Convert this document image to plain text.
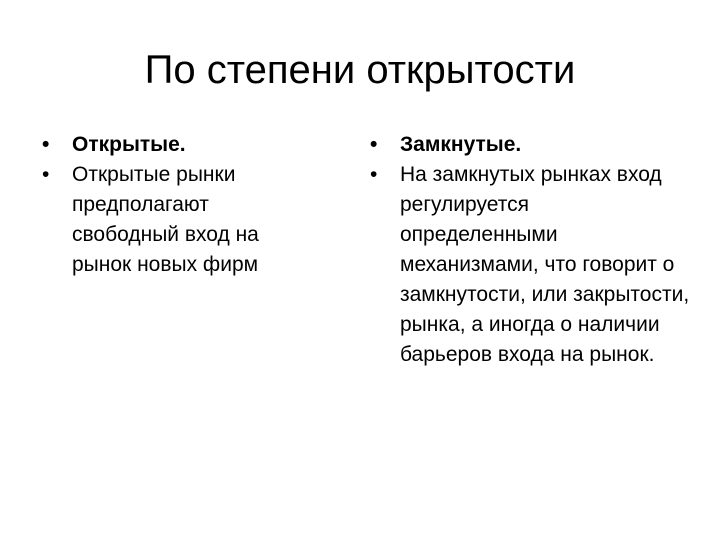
По степени открытости
• Открытые.
• Открытые рынки предполагают свободный вход на рынок новых фирм
• Замкнутые.
• На замкнутых рынках вход регулируется определенными механизмами, что говорит о замкнутости, или закрытости, рынка, а иногда о наличии барьеров входа на рынок.
